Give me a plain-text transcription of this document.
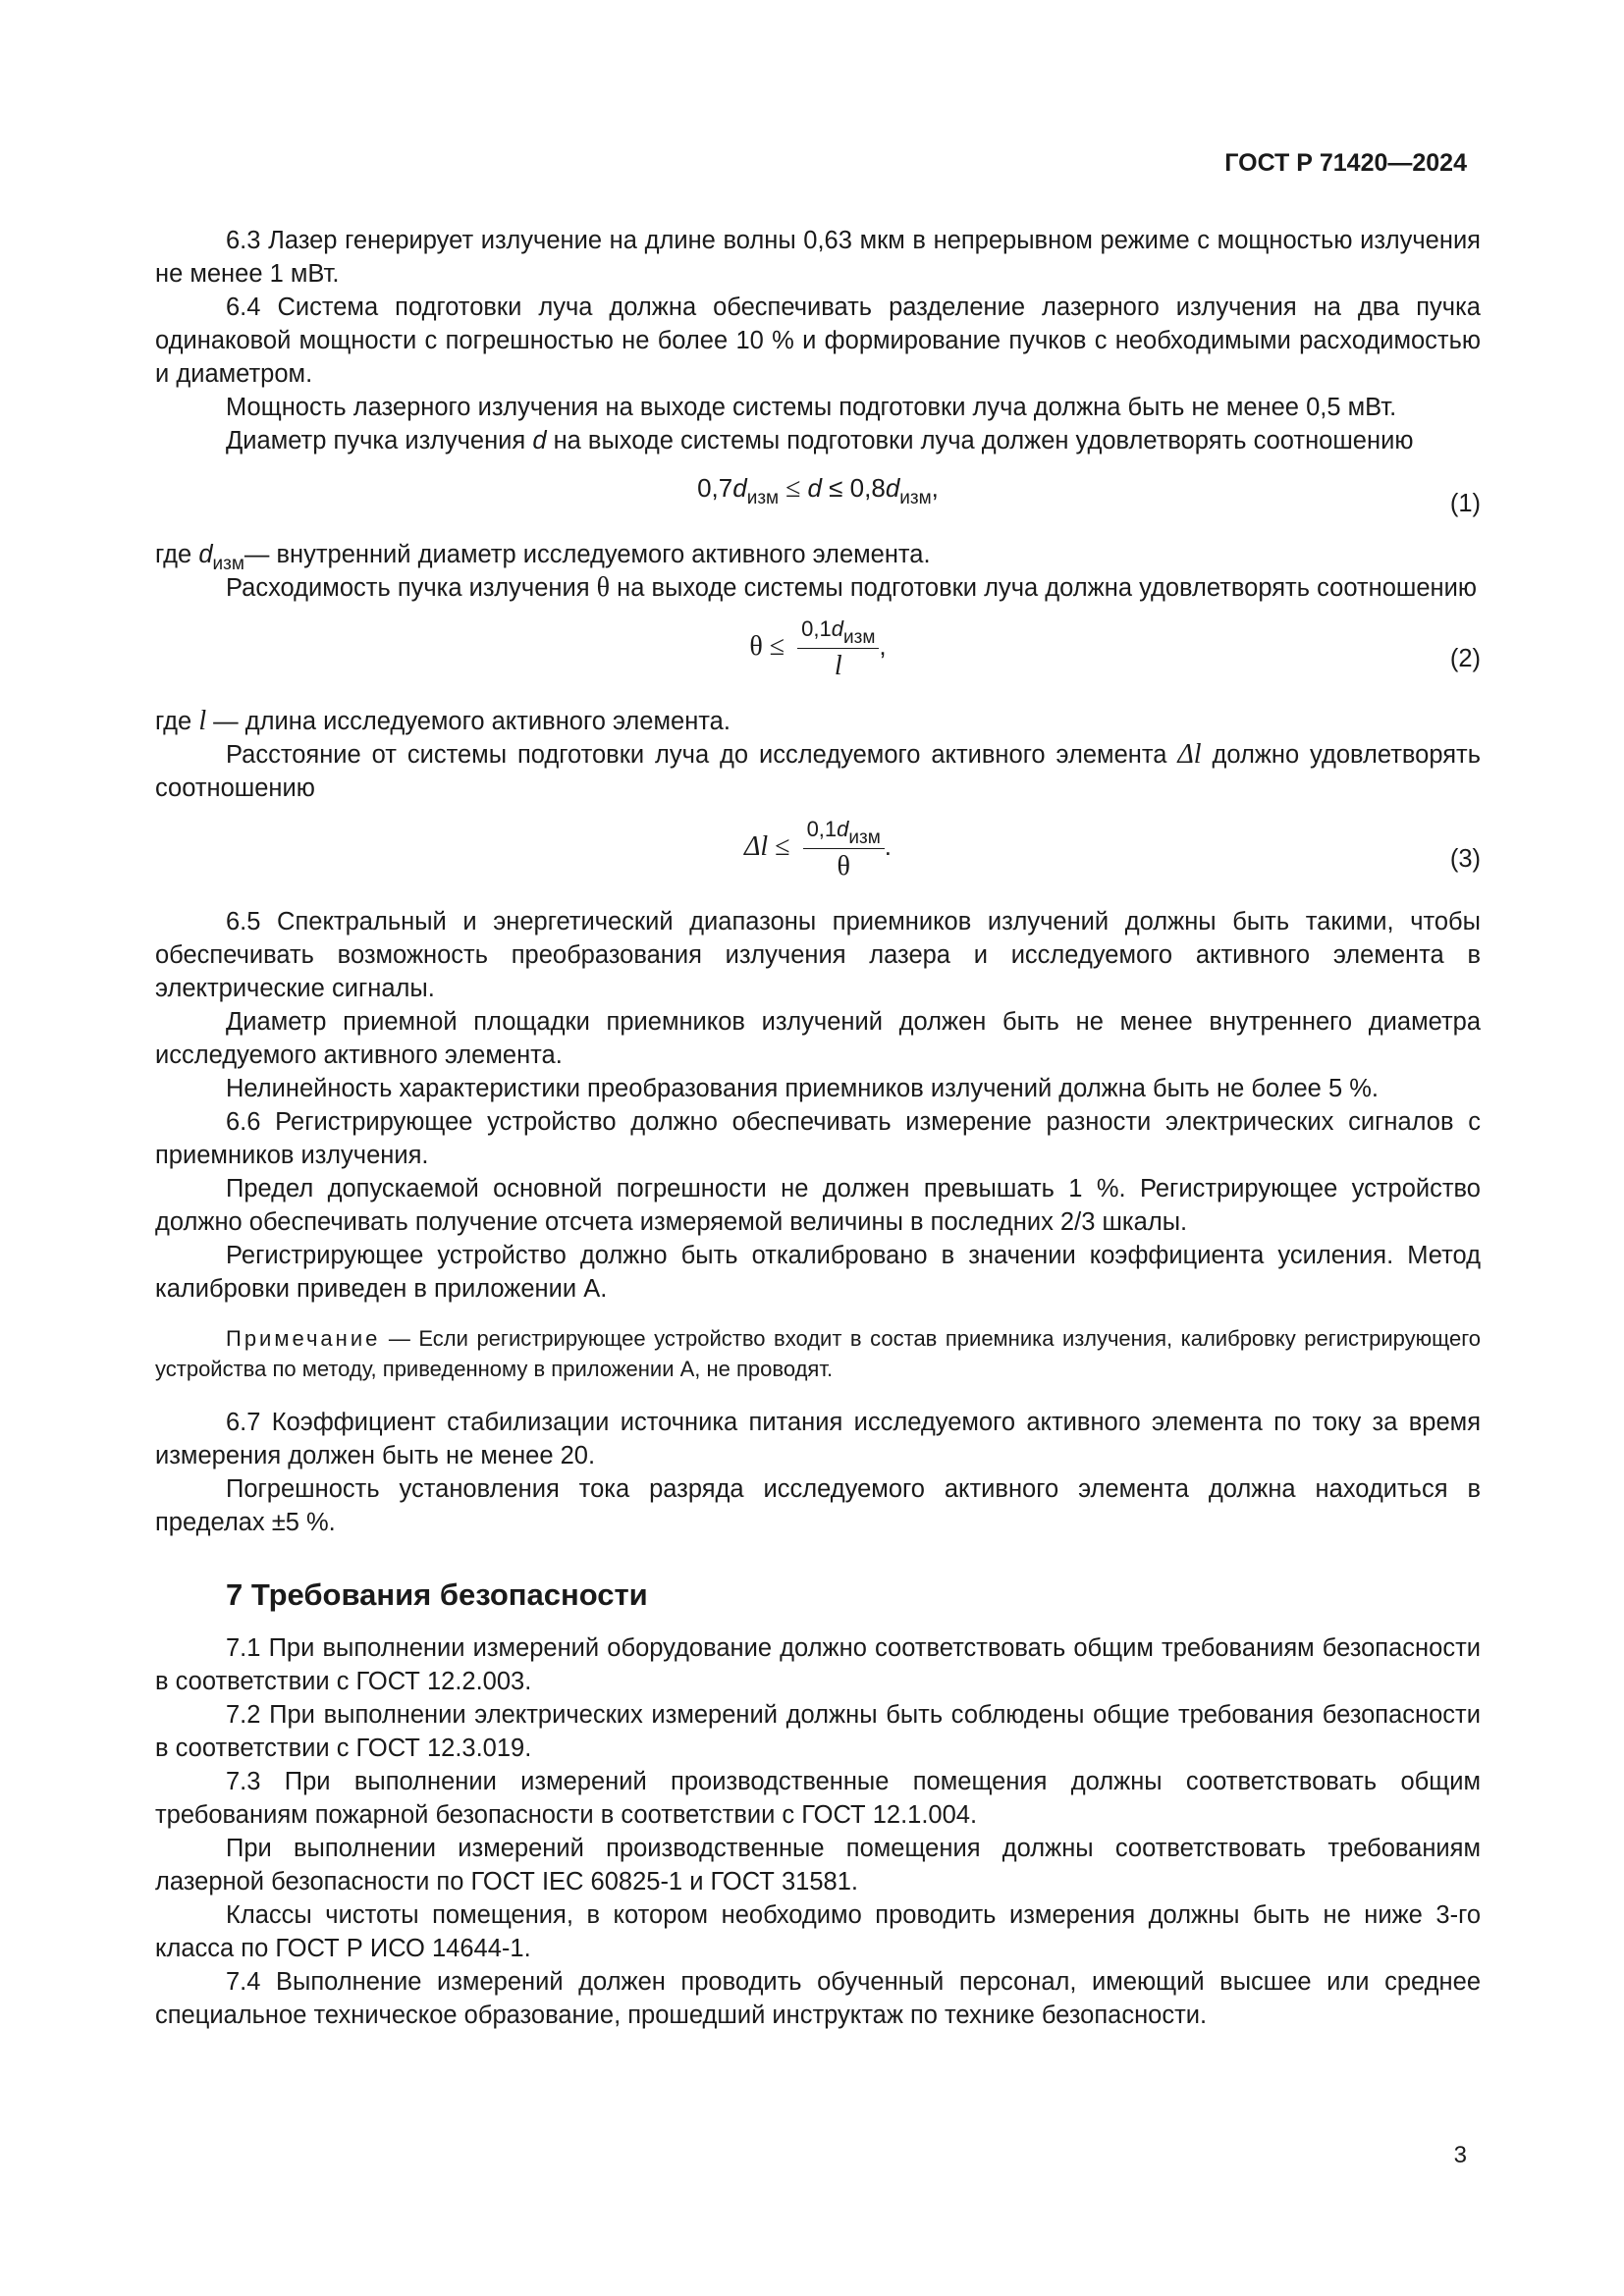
ГОСТ Р 71420—2024

6.3 Лазер генерирует излучение на длине волны 0,63 мкм в непрерывном режиме с мощностью излучения не менее 1 мВт.

6.4 Система подготовки луча должна обеспечивать разделение лазерного излучения на два пучка одинаковой мощности с погрешностью не более 10 % и формирование пучков с необходимыми расходимостью и диаметром.

Мощность лазерного излучения на выходе системы подготовки луча должна быть не менее 0,5 мВт.

Диаметр пучка излучения d на выходе системы подготовки луча должен удовлетворять соотношению

$0,7d_{изм} \le d \le 0,8d_{изм}$,
(1)

где $d_{изм}—$ внутренний диаметр исследуемого активного элемента.

Расходимость пучка излучения θ на выходе системы подготовки луча должна удовлетворять соотношению

θ ≤
$0,1d_{изм}$
l
,	(2)

где l — длина исследуемого активного элемента.

Расстояние от системы подготовки луча до исследуемого активного элемента Δl должно удовлетворять соотношению

Δl ≤
$0,1d_{изм}$
θ
.	(3)

6.5 Спектральный и энергетический диапазоны приемников излучений должны быть такими, чтобы обеспечивать возможность преобразования излучения лазера и исследуемого активного элемента в электрические сигналы.

Диаметр приемной площадки приемников излучений должен быть не менее внутреннего диаметра исследуемого активного элемента.

Нелинейность характеристики преобразования приемников излучений должна быть не более 5 %.

6.6 Регистрирующее устройство должно обеспечивать измерение разности электрических сигналов с приемников излучения.

Предел допускаемой основной погрешности не должен превышать 1 %. Регистрирующее устройство должно обеспечивать получение отсчета измеряемой величины в последних 2/3 шкалы.

Регистрирующее устройство должно быть откалибровано в значении коэффициента усиления. Метод калибровки приведен в приложении А.

Примечание — Если регистрирующее устройство входит в состав приемника излучения, калибровку регистрирующего устройства по методу, приведенному в приложении А, не проводят.

6.7 Коэффициент стабилизации источника питания исследуемого активного элемента по току за время измерения должен быть не менее 20.

Погрешность установления тока разряда исследуемого активного элемента должна находиться в пределах ±5 %.

7 Требования безопасности

7.1 При выполнении измерений оборудование должно соответствовать общим требованиям безопасности в соответствии с ГОСТ 12.2.003.

7.2 При выполнении электрических измерений должны быть соблюдены общие требования безопасности в соответствии с ГОСТ 12.3.019.

7.3 При выполнении измерений производственные помещения должны соответствовать общим требованиям пожарной безопасности в соответствии с ГОСТ 12.1.004.

При выполнении измерений производственные помещения должны соответствовать требованиям лазерной безопасности по ГОСТ IEC 60825-1 и ГОСТ 31581.

Классы чистоты помещения, в котором необходимо проводить измерения должны быть не ниже 3-го класса по ГОСТ Р ИСО 14644-1.

7.4 Выполнение измерений должен проводить обученный персонал, имеющий высшее или среднее специальное техническое образование, прошедший инструктаж по технике безопасности.

3
